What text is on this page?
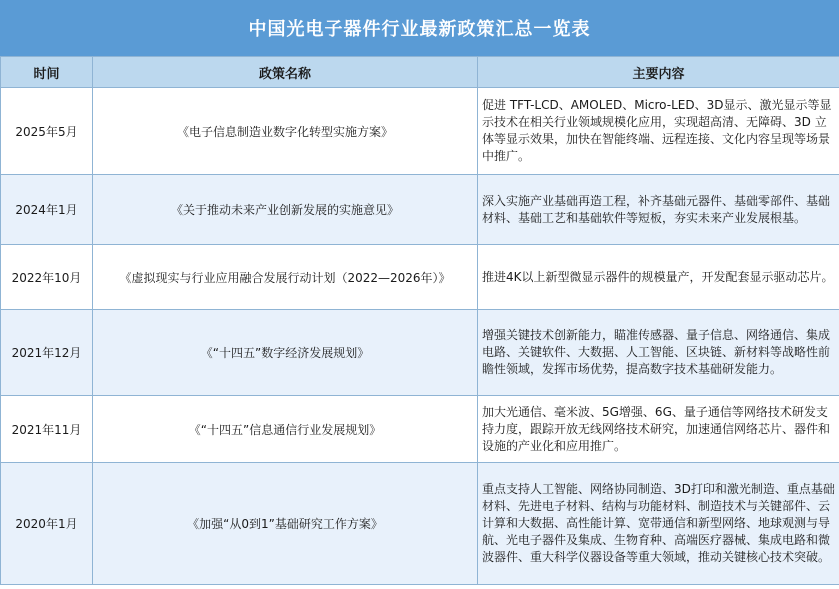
中国光电子器件行业最新政策汇总一览表
时间	政策名称	主要内容
2025年5月	《电子信息制造业数字化转型实施方案》	促进 TFT-LCD、AMOLED、Micro-LED、3D显示、激光显示等显示技术在相关行业领域规模化应用，实现超高清、无障碍、3D 立体等显示效果，加快在智能终端、远程连接、文化内容呈现等场景中推广。
2024年1月	《关于推动未来产业创新发展的实施意见》	深入实施产业基础再造工程，补齐基础元器件、基础零部件、基础材料、基础工艺和基础软件等短板，夯实未来产业发展根基。
2022年10月	《虚拟现实与行业应用融合发展行动计划（2022—2026年）》	推进4K以上新型微显示器件的规模量产，开发配套显示驱动芯片。
2021年12月	《“十四五”数字经济发展规划》	增强关键技术创新能力，瞄准传感器、量子信息、网络通信、集成电路、关键软件、大数据、人工智能、区块链、新材料等战略性前瞻性领域，发挥市场优势，提高数字技术基础研发能力。
2021年11月	《“十四五”信息通信行业发展规划》	加大光通信、毫米波、5G增强、6G、量子通信等网络技术研发支持力度，跟踪开放无线网络技术研究，加速通信网络芯片、器件和设施的产业化和应用推广。
2020年1月	《加强“从0到1”基础研究工作方案》	重点支持人工智能、网络协同制造、3D打印和激光制造、重点基础材料、先进电子材料、结构与功能材料、制造技术与关键部件、云计算和大数据、高性能计算、宽带通信和新型网络、地球观测与导航、光电子器件及集成、生物育种、高端医疗器械、集成电路和微波器件、重大科学仪器设备等重大领域，推动关键核心技术突破。
